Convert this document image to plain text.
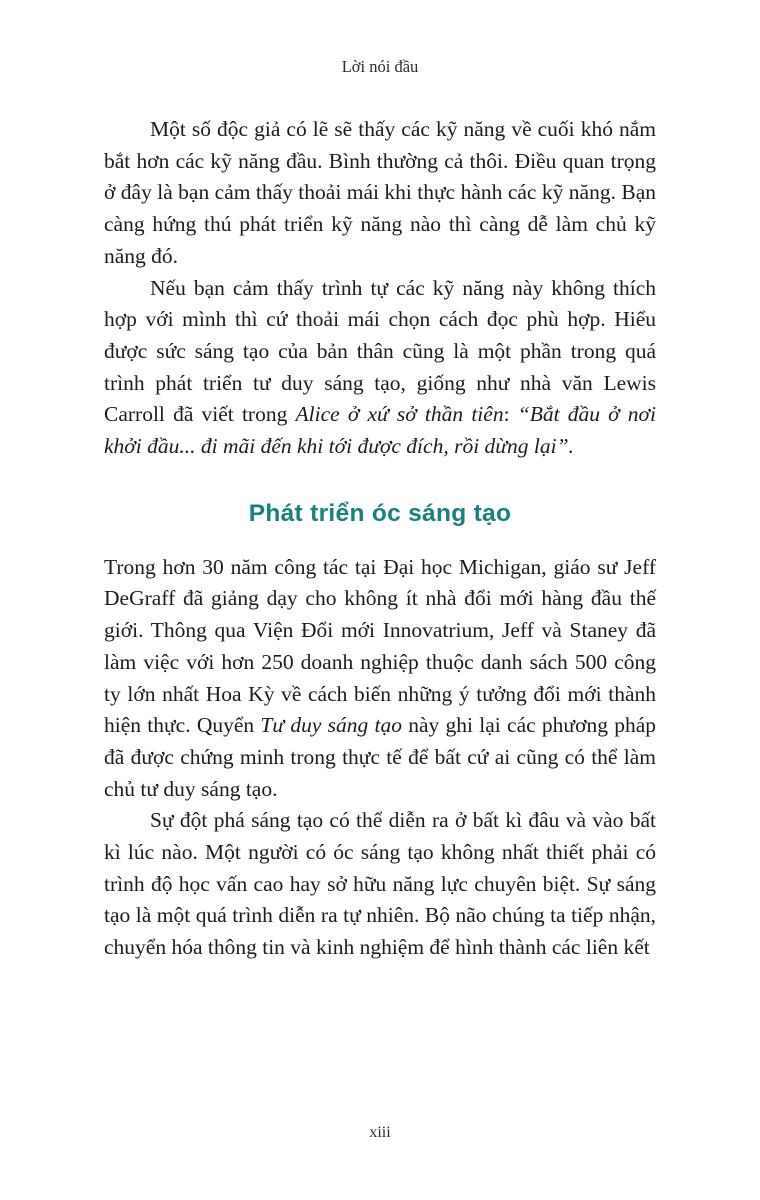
Lời nói đầu

Một số độc giả có lẽ sẽ thấy các kỹ năng về cuối khó nắm bắt hơn các kỹ năng đầu. Bình thường cả thôi. Điều quan trọng ở đây là bạn cảm thấy thoải mái khi thực hành các kỹ năng. Bạn càng hứng thú phát triển kỹ năng nào thì càng dễ làm chủ kỹ năng đó.

Nếu bạn cảm thấy trình tự các kỹ năng này không thích hợp với mình thì cứ thoải mái chọn cách đọc phù hợp. Hiểu được sức sáng tạo của bản thân cũng là một phần trong quá trình phát triển tư duy sáng tạo, giống như nhà văn Lewis Carroll đã viết trong Alice ở xứ sở thần tiên: “Bắt đầu ở nơi khởi đầu... đi mãi đến khi tới được đích, rồi dừng lại”.

Phát triển óc sáng tạo

Trong hơn 30 năm công tác tại Đại học Michigan, giáo sư Jeff DeGraff đã giảng dạy cho không ít nhà đổi mới hàng đầu thế giới. Thông qua Viện Đổi mới Innovatrium, Jeff và Staney đã làm việc với hơn 250 doanh nghiệp thuộc danh sách 500 công ty lớn nhất Hoa Kỳ về cách biến những ý tưởng đổi mới thành hiện thực. Quyển Tư duy sáng tạo này ghi lại các phương pháp đã được chứng minh trong thực tế để bất cứ ai cũng có thể làm chủ tư duy sáng tạo.

Sự đột phá sáng tạo có thể diễn ra ở bất kì đâu và vào bất kì lúc nào. Một người có óc sáng tạo không nhất thiết phải có trình độ học vấn cao hay sở hữu năng lực chuyên biệt. Sự sáng tạo là một quá trình diễn ra tự nhiên. Bộ não chúng ta tiếp nhận, chuyển hóa thông tin và kinh nghiệm để hình thành các liên kết

xiii
